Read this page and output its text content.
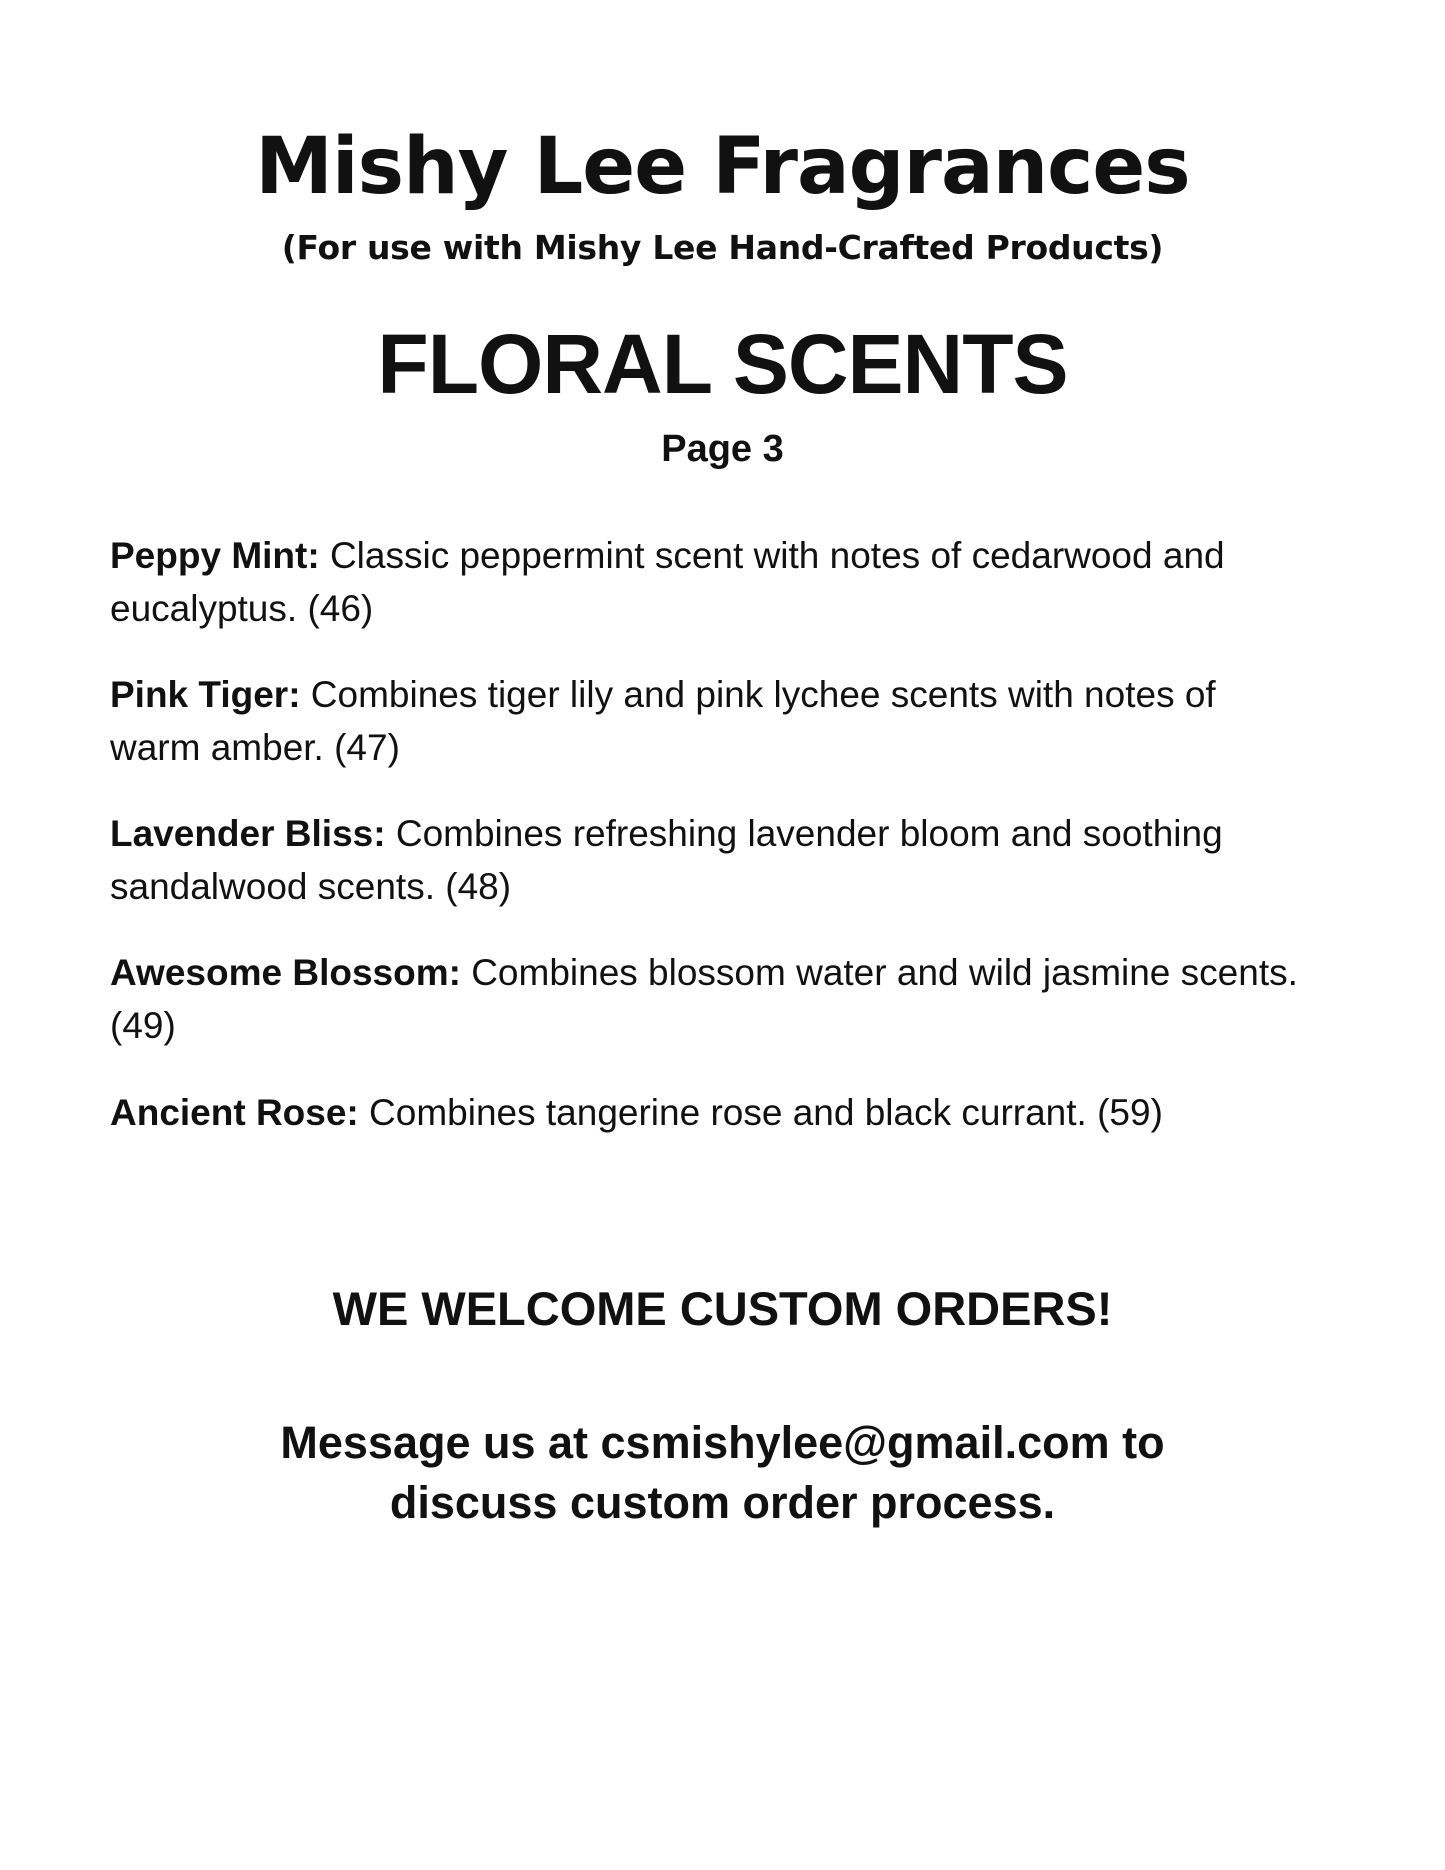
Mishy Lee Fragrances

(For use with Mishy Lee Hand-Crafted Products)

FLORAL SCENTS

Page 3

Peppy Mint: Classic peppermint scent with notes of cedarwood and eucalyptus. (46)
Pink Tiger: Combines tiger lily and pink lychee scents with notes of warm amber. (47)
Lavender Bliss: Combines refreshing lavender bloom and soothing sandalwood scents. (48)
Awesome Blossom: Combines blossom water and wild jasmine scents. (49)
Ancient Rose: Combines tangerine rose and black currant. (59)

WE WELCOME CUSTOM ORDERS!

Message us at csmishylee@gmail.com to discuss custom order process.
